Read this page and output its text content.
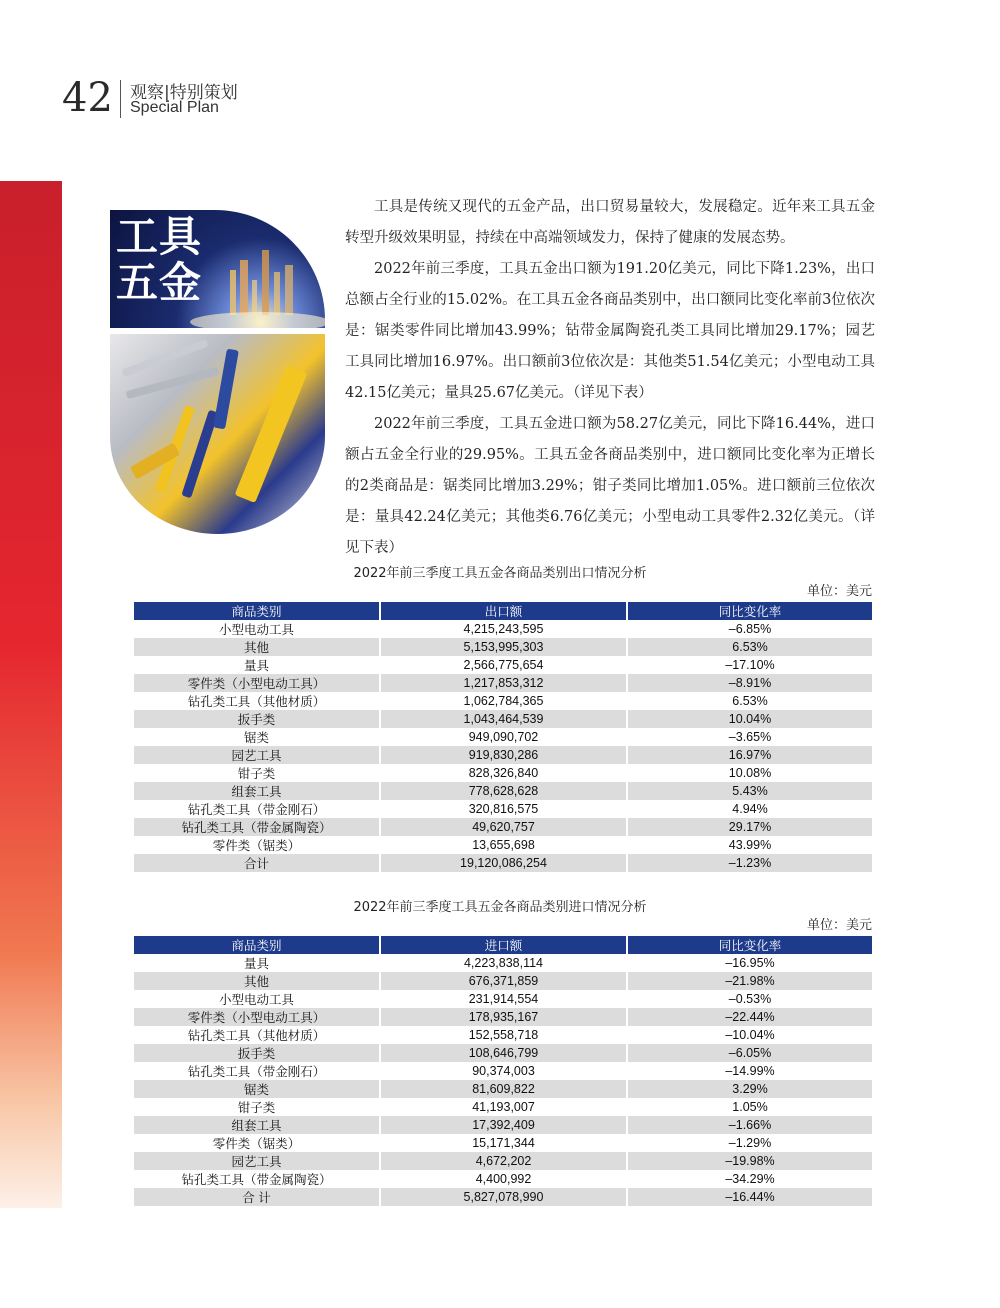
42 观察|特别策划
Special Plan
工具
五金

工具是传统又现代的五金产品，出口贸易量较大，发展稳定。近年来工具五金转型升级效果明显，持续在中高端领域发力，保持了健康的发展态势。

2022年前三季度，工具五金出口额为191.20亿美元，同比下降1.23%，出口总额占全行业的15.02%。在工具五金各商品类别中，出口额同比变化率前3位依次是：锯类零件同比增加43.99%；钻带金属陶瓷孔类工具同比增加29.17%；园艺工具同比增加16.97%。出口额前3位依次是：其他类51.54亿美元；小型电动工具42.15亿美元；量具25.67亿美元。（详见下表）

2022年前三季度，工具五金进口额为58.27亿美元，同比下降16.44%，进口额占五金全行业的29.95%。工具五金各商品类别中，进口额同比变化率为正增长的2类商品是：锯类同比增加3.29%；钳子类同比增加1.05%。进口额前三位依次是：量具42.24亿美元；其他类6.76亿美元；小型电动工具零件2.32亿美元。（详见下表）

2022年前三季度工具五金各商品类别出口情况分析
单位：美元
商品类别	出口额	同比变化率
小型电动工具	4,215,243,595	–6.85%
其他	5,153,995,303	6.53%
量具	2,566,775,654	–17.10%
零件类（小型电动工具）	1,217,853,312	–8.91%
钻孔类工具（其他材质）	1,062,784,365	6.53%
扳手类	1,043,464,539	10.04%
锯类	949,090,702	–3.65%
园艺工具	919,830,286	16.97%
钳子类	828,326,840	10.08%
组套工具	778,628,628	5.43%
钻孔类工具（带金刚石）	320,816,575	4.94%
钻孔类工具（带金属陶瓷）	49,620,757	29.17%
零件类（锯类）	13,655,698	43.99%
合计	19,120,086,254	–1.23%
2022年前三季度工具五金各商品类别进口情况分析
单位：美元
商品类别	进口额	同比变化率
量具	4,223,838,114	–16.95%
其他	676,371,859	–21.98%
小型电动工具	231,914,554	–0.53%
零件类（小型电动工具）	178,935,167	–22.44%
钻孔类工具（其他材质）	152,558,718	–10.04%
扳手类	108,646,799	–6.05%
钻孔类工具（带金刚石）	90,374,003	–14.99%
锯类	81,609,822	3.29%
钳子类	41,193,007	1.05%
组套工具	17,392,409	–1.66%
零件类（锯类）	15,171,344	–1.29%
园艺工具	4,672,202	–19.98%
钻孔类工具（带金属陶瓷）	4,400,992	–34.29%
合 计	5,827,078,990	–16.44%
